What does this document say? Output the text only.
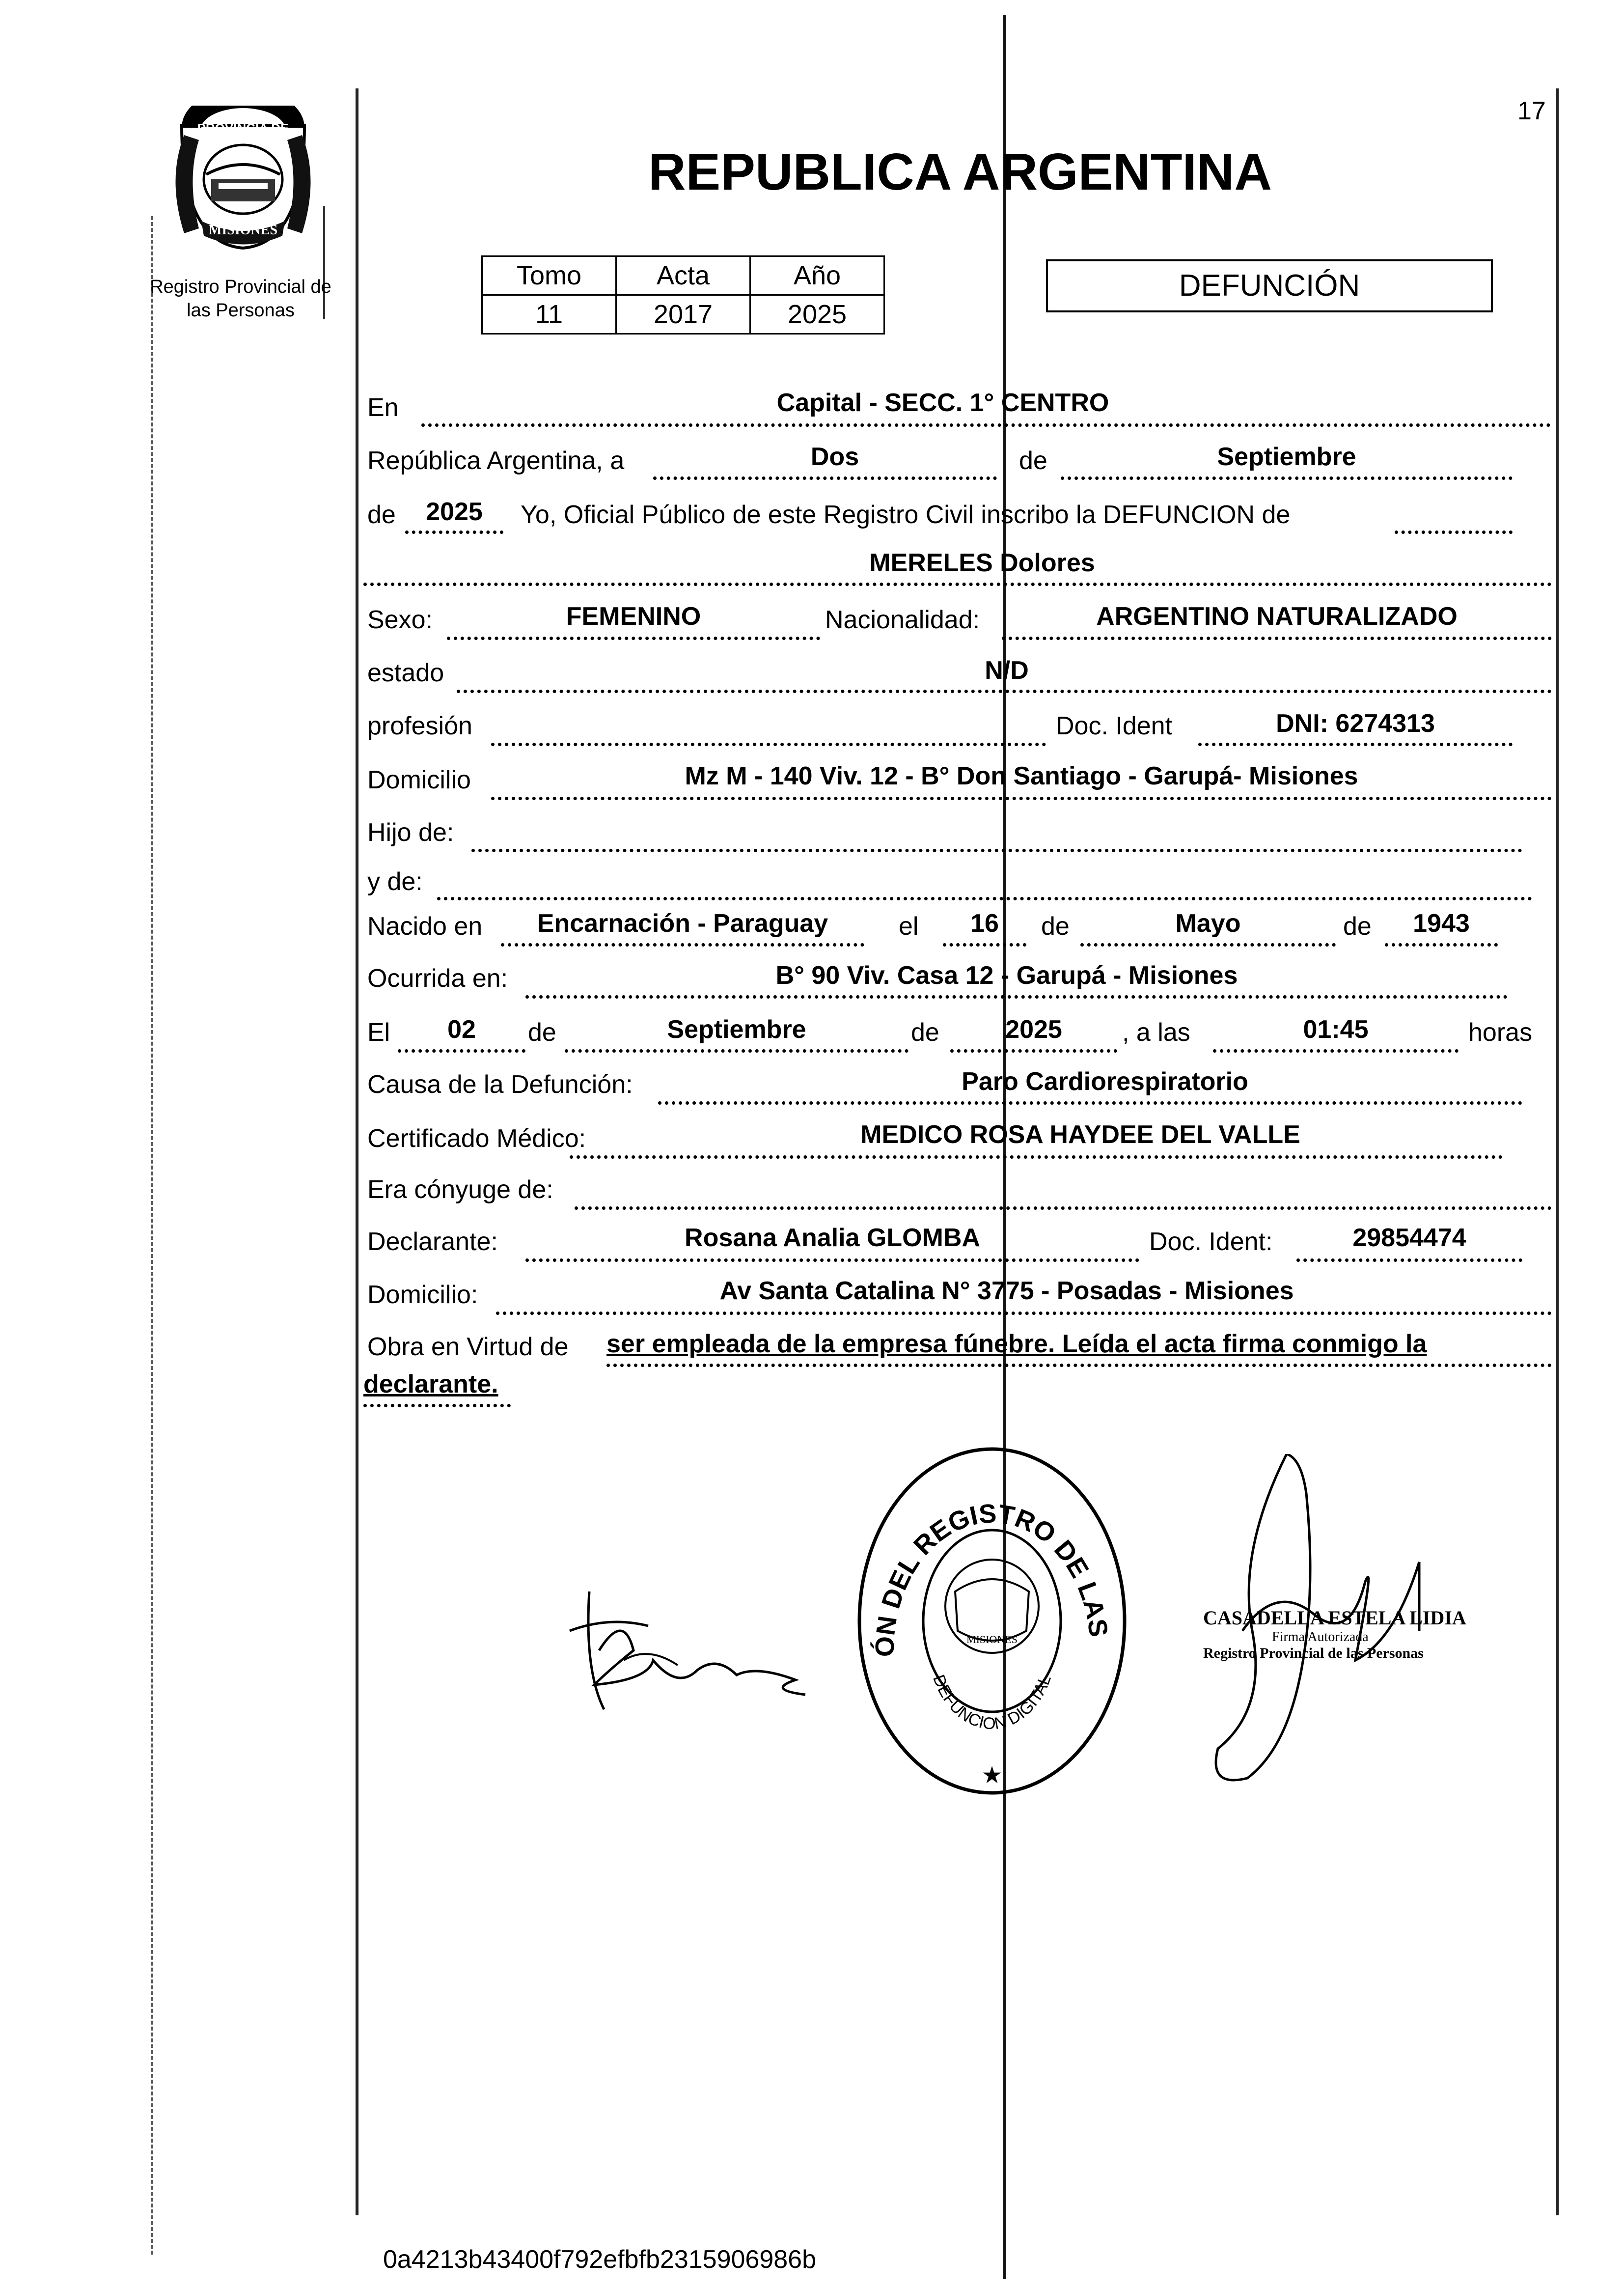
17
PROVINCIA DE
MISIONES
Registro Provincial de
las Personas
REPUBLICA ARGENTINA
Tomo	Acta	Año
11	2017	2025
DEFUNCIÓN
En	Capital - SECC. 1° CENTRO
República Argentina, a	Dos	de	Septiembre
de	2025	Yo, Oficial Público de este Registro Civil inscribo la DEFUNCION de
MERELES Dolores
Sexo:	FEMENINO	Nacionalidad:	ARGENTINO NATURALIZADO
estado	N/D
profesión	Doc. Ident	DNI: 6274313
Domicilio	Mz M - 140 Viv. 12 - B° Don Santiago - Garupá- Misiones
Hijo de:
y de:
Nacido en	Encarnación - Paraguay	el	16	de	Mayo	de	1943
Ocurrida en:	B° 90 Viv. Casa 12 - Garupá - Misiones
El	02	de	Septiembre	de	2025	, a las	01:45	horas
Causa de la Defunción:	Paro Cardiorespiratorio
Certificado Médico:	MEDICO ROSA HAYDEE DEL VALLE
Era cónyuge de:
Declarante:	Rosana Analia GLOMBA	Doc. Ident:	29854474
Domicilio:	Av Santa Catalina N° 3775 - Posadas - Misiones
Obra en Virtud de ser empleada de la empresa fúnebre. Leída el acta firma conmigo la
declarante.
ÓN DEL REGISTRO DE LAS
DEFUNCION DIGITAL
MISIONES
★
CASADELLA ESTELA LIDIA
Firma Autorizada
Registro Provincial de las Personas
0a4213b43400f792efbfb2315906986b
